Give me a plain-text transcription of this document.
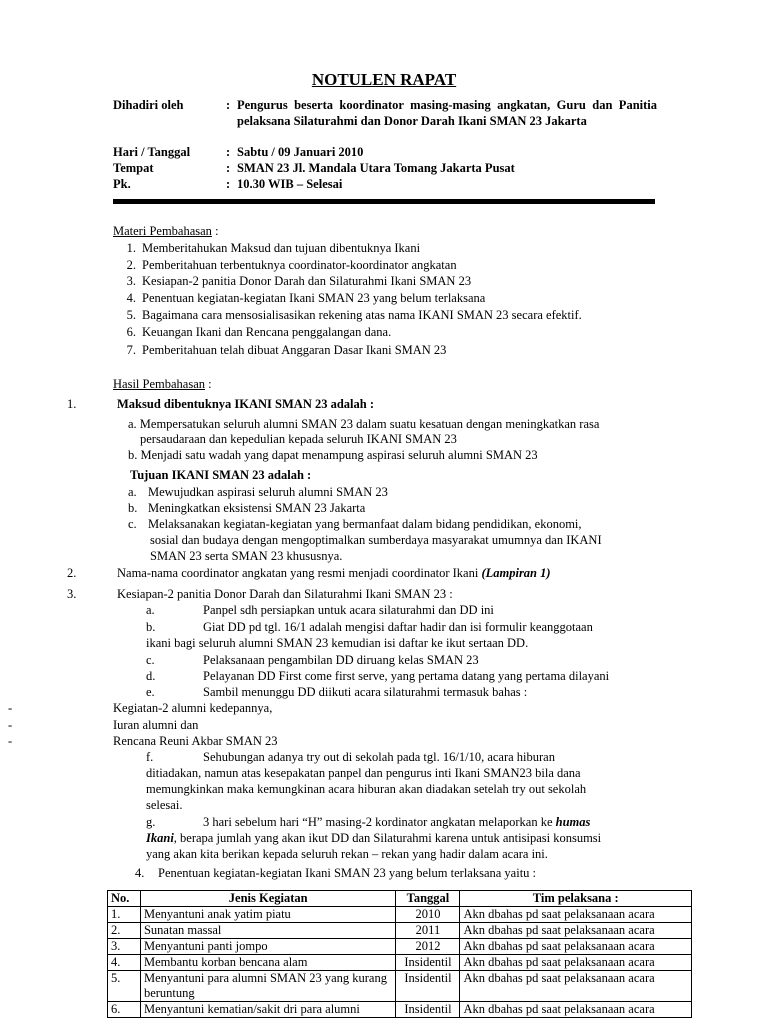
NOTULEN RAPAT
Dihadiri oleh	: Pengurus beserta koordinator masing-masing angkatan, Guru dan Panitia pelaksana Silaturahmi dan Donor Darah Ikani SMAN 23 Jakarta
Hari / Tanggal	: Sabtu / 09 Januari 2010
Tempat	: SMAN 23 Jl. Mandala Utara Tomang Jakarta Pusat
Pk.	: 10.30 WIB – Selesai
Materi Pembahasan :
1. Memberitahukan Maksud dan tujuan dibentuknya Ikani
2. Pemberitahuan terbentuknya coordinator-koordinator angkatan
3. Kesiapan-2 panitia Donor Darah dan Silaturahmi Ikani SMAN 23
4. Penentuan kegiatan-kegiatan Ikani SMAN 23 yang belum terlaksana
5. Bagaimana cara mensosialisasikan rekening atas nama IKANI SMAN 23 secara efektif.
6. Keuangan Ikani dan Rencana penggalangan dana.
7. Pemberitahuan telah dibuat Anggaran Dasar Ikani SMAN 23
Hasil Pembahasan :
1.	Maksud dibentuknya IKANI SMAN 23 adalah :
a. Mempersatukan seluruh alumni SMAN 23 dalam suatu kesatuan dengan meningkatkan rasa
persaudaraan dan kepedulian kepada seluruh IKANI SMAN 23
b. Menjadi satu wadah yang dapat menampung aspirasi seluruh alumni SMAN 23
Tujuan IKANI SMAN 23 adalah :
a. Mewujudkan aspirasi seluruh alumni SMAN 23
b. Meningkatkan eksistensi SMAN 23 Jakarta
c. Melaksanakan kegiatan-kegiatan yang bermanfaat dalam bidang pendidikan, ekonomi,
sosial dan budaya dengan mengoptimalkan sumberdaya masyarakat umumnya dan IKANI
SMAN 23 serta SMAN 23 khususnya.
2.	Nama-nama coordinator angkatan yang resmi menjadi coordinator Ikani (Lampiran 1)
3.	Kesiapan-2 panitia Donor Darah dan Silaturahmi Ikani SMAN 23 :
a.	Panpel sdh persiapkan untuk acara silaturahmi dan DD ini
b.	Giat DD pd tgl. 16/1 adalah mengisi daftar hadir dan isi formulir keanggotaan
ikani bagi seluruh alumni SMAN 23 kemudian isi daftar ke ikut sertaan DD.
c.	Pelaksanaan pengambilan DD diruang kelas SMAN 23
d.	Pelayanan DD First come first serve, yang pertama datang yang pertama dilayani
e.	Sambil menunggu DD diikuti acara silaturahmi termasuk bahas :
-	Kegiatan-2 alumni kedepannya,
-	Iuran alumni dan
-	Rencana Reuni Akbar SMAN 23
f.	Sehubungan adanya try out di sekolah pada tgl. 16/1/10, acara hiburan
ditiadakan, namun atas kesepakatan panpel dan pengurus inti Ikani SMAN23 bila dana
memungkinkan maka kemungkinan acara hiburan akan diadakan setelah try out sekolah
selesai.
g.	3 hari sebelum hari “H” masing-2 kordinator angkatan melaporkan ke humas
Ikani, berapa jumlah yang akan ikut DD dan Silaturahmi karena untuk antisipasi konsumsi
yang akan kita berikan kepada seluruh rekan – rekan yang hadir dalam acara ini.
4. Penentuan kegiatan-kegiatan Ikani SMAN 23 yang belum terlaksana yaitu :
No.	Jenis Kegiatan	Tanggal	Tim pelaksana :
1.	Menyantuni anak yatim piatu	2010	Akn dbahas pd saat pelaksanaan acara
2.	Sunatan massal	2011	Akn dbahas pd saat pelaksanaan acara
3.	Menyantuni panti jompo	2012	Akn dbahas pd saat pelaksanaan acara
4.	Membantu korban bencana alam	Insidentil	Akn dbahas pd saat pelaksanaan acara
5.	Menyantuni para alumni SMAN 23 yang kurang beruntung	Insidentil	Akn dbahas pd saat pelaksanaan acara
6.	Menyantuni kematian/sakit dri para alumni	Insidentil	Akn dbahas pd saat pelaksanaan acara
